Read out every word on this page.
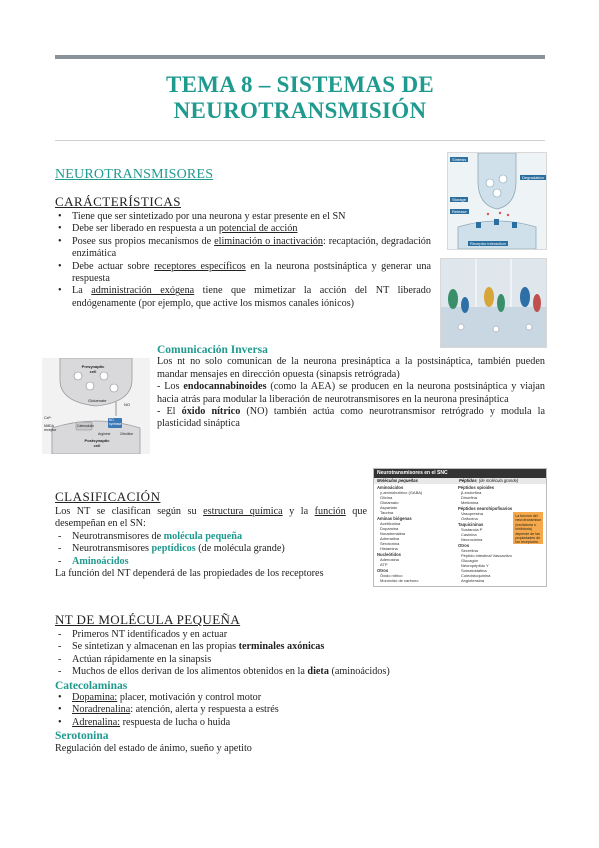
TEMA 8 – SISTEMAS DE
NEUROTRANSMISIÓN
NEUROTRANSMISORES
CARÁCTERÍSTICAS
• Tiene que ser sintetizado por una neurona y estar presente en el SN
• Debe ser liberado en respuesta a un potencial de acción
• Posee sus propios mecanismos de eliminación o inactivación: recaptación, degradación enzimática
• Debe actuar sobre receptores específicos en la neurona postsináptica y generar una respuesta
• La administración exógena tiene que mimetizar la acción del NT liberado endógenamente (por ejemplo, que active los mismos canales iónicos)
Síntesis
Degradation
Storage
Release
Receptor interaction
Presynaptic cell
Postsynaptic cell
Glutamate
NO
NO synthase
NMDA receptor
Calmodulin
Arginine	Citrulline
Ca²⁺
Comunicación Inversa
Los nt no solo comunican de la neurona presináptica a la postsináptica, también pueden mandar mensajes en dirección opuesta (sinapsis retrógrada)
- Los endocannabinoides (como la AEA) se producen en la neurona postsináptica y viajan hacia atrás para modular la liberación de neurotransmisores en la neurona presináptica
- El óxido nítrico (NO) también actúa como neurotransmisor retrógrado y modula la plasticidad sináptica
CLASIFICACIÓN
Los NT se clasifican según su estructura química y la función que desempeñan en el SN:
- Neurotransmisores de molécula pequeña
- Neurotransmisores peptídicos (de molécula grande)
- Aminoácidos
La función del NT dependerá de las propiedades de los receptores
Neurotransmisores en el SNC
Moléculas pequeñas	Péptidos (de molécula grande)
Aminoácidos
γ-aminobutírico (GABA)
Glicina
Glutamato
Aspartato
Taurina
Aminas biógenas
Acetilcolina
Dopamina
Noradrenalina
Adrenalina
Serotonina
Histamina
Nucleótidos
Adenosina
ATP
Otros
Óxido nítrico
Monóxido de carbono
Péptidos opioides
β-endorfina
Dinorfina
Metionina
Péptidos neurohipofisarios
Vasopresina
Oxitocina
Taquicininas
Sustancia P
Casinina
Neurocinina
Otros
Secretina
Péptido intestinal Vasoactivo
Glucagón
Neuropéptido Y
Somatostatina
Colecistoquinina
Angiotensina
La función del neurotransmisor (excitatoria o inhibitoria) depende de las propiedades de los receptores.
NT DE MOLÉCULA PEQUEÑA
- Primeros NT identificados y en actuar
- Se sintetizan y almacenan en las propias terminales axónicas
- Actúan rápidamente en la sinapsis
- Muchos de ellos derivan de los alimentos obtenidos en la dieta (aminoácidos)
Catecolaminas
• Dopamina: placer, motivación y control motor
• Noradrenalina: atención, alerta y respuesta a estrés
• Adrenalina: respuesta de lucha o huida
Serotonina
Regulación del estado de ánimo, sueño y apetito
